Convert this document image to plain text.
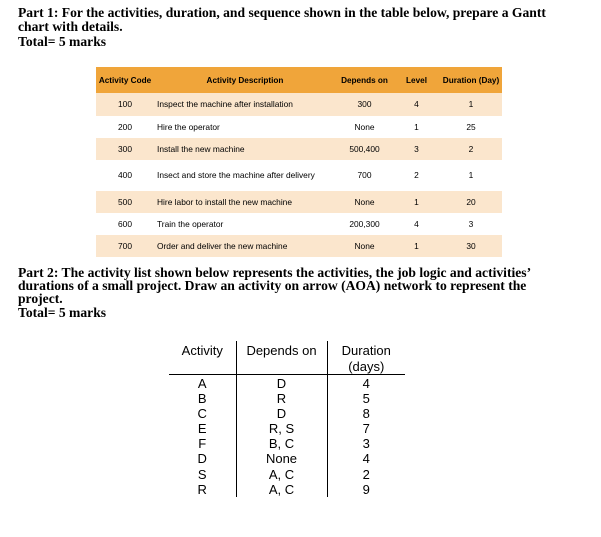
Part 1: For the activities, duration, and sequence shown in the table below, prepare a Gantt
chart with details.
Total= 5 marks
Activity Code	Activity Description	Depends on	Level	Duration (Day)
100	Inspect the machine after installation	300	4	1
200	Hire the operator	None	1	25
300	Install the new machine	500,400	3	2
400	Insect and store the machine after delivery	700	2	1
500	Hire labor to install the new machine	None	1	20
600	Train the operator	200,300	4	3
700	Order and deliver the new machine	None	1	30
Part 2: The activity list shown below represents the activities, the job logic and activities’
durations of a small project. Draw an activity on arrow (AOA) network to represent the
project.
Total= 5 marks
Activity	Depends on	Duration (days)
A	D	4
B	R	5
C	D	8
E	R, S	7
F	B, C	3
D	None	4
S	A, C	2
R	A, C	9
